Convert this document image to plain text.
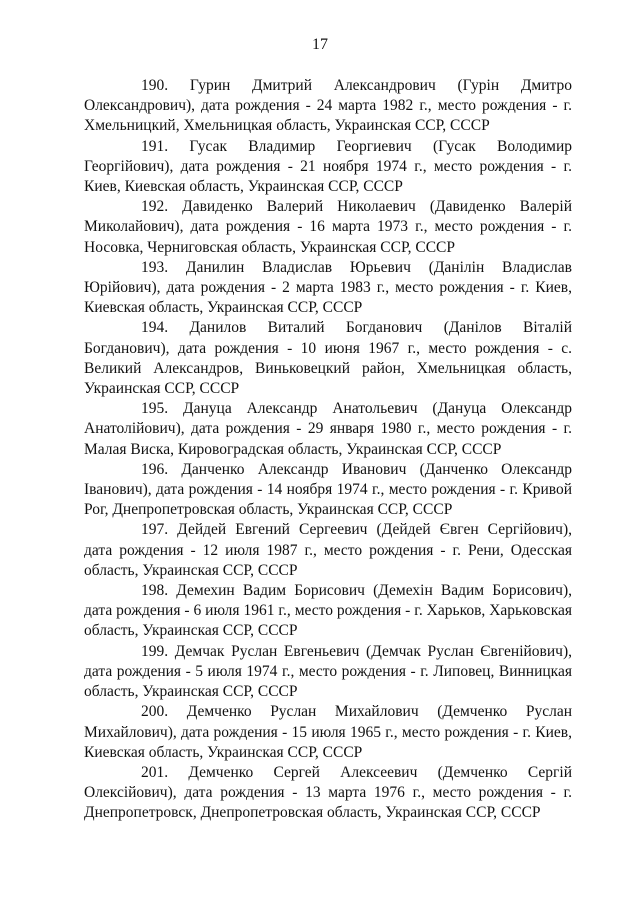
17

190. Гурин Дмитрий Александрович (Гурін Дмитро Олександрович), дата рождения - 24 марта 1982 г., место рождения - г. Хмельницкий, Хмельницкая область, Украинская ССР, СССР

191. Гусак Владимир Георгиевич (Гусак Володимир Георгійович), дата рождения - 21 ноября 1974 г., место рождения - г. Киев, Киевская область, Украинская ССР, СССР

192. Давиденко Валерий Николаевич (Давиденко Валерій Миколайович), дата рождения - 16 марта 1973 г., место рождения - г. Носовка, Черниговская область, Украинская ССР, СССР

193. Данилин Владислав Юрьевич (Данілін Владислав Юрійович), дата рождения - 2 марта 1983 г., место рождения - г. Киев, Киевская область, Украинская ССР, СССР

194. Данилов Виталий Богданович (Данілов Віталій Богданович), дата рождения - 10 июня 1967 г., место рождения - с. Великий Александров, Виньковецкий район, Хмельницкая область, Украинская ССР, СССР

195. Дануца Александр Анатольевич (Дануца Олександр Анатолійович), дата рождения - 29 января 1980 г., место рождения - г. Малая Виска, Кировоградская область, Украинская ССР, СССР

196. Данченко Александр Иванович (Данченко Олександр Іванович), дата рождения - 14 ноября 1974 г., место рождения - г. Кривой Рог, Днепропетровская область, Украинская ССР, СССР

197. Дейдей Евгений Сергеевич (Дейдей Євген Сергійович), дата рождения - 12 июля 1987 г., место рождения - г. Рени, Одесская область, Украинская ССР, СССР

198. Демехин Вадим Борисович (Демехін Вадим Борисович), дата рождения - 6 июля 1961 г., место рождения - г. Харьков, Харьковская область, Украинская ССР, СССР

199. Демчак Руслан Евгеньевич (Демчак Руслан Євгенійович), дата рождения - 5 июля 1974 г., место рождения - г. Липовец, Винницкая область, Украинская ССР, СССР

200. Демченко Руслан Михайлович (Демченко Руслан Михайлович), дата рождения - 15 июля 1965 г., место рождения - г. Киев, Киевская область, Украинская ССР, СССР

201. Демченко Сергей Алексеевич (Демченко Сергій Олексійович), дата рождения - 13 марта 1976 г., место рождения - г. Днепропетровск, Днепропетровская область, Украинская ССР, СССР
